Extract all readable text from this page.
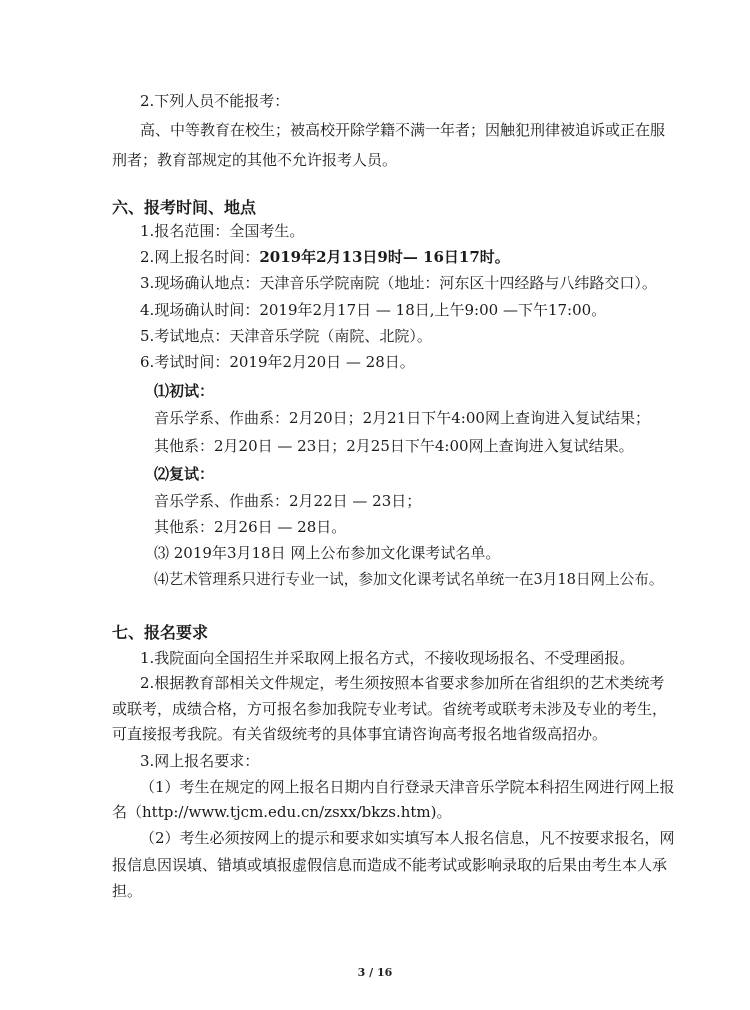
2.下列人员不能报考：
高、中等教育在校生；被高校开除学籍不满一年者；因触犯刑律被追诉或正在服
刑者；教育部规定的其他不允许报考人员。
六、报考时间、地点
1.报名范围：全国考生。
2.网上报名时间：2019年2月13日9时— 16日17时。
3.现场确认地点：天津音乐学院南院（地址：河东区十四经路与八纬路交口）。
4.现场确认时间：2019年2月17日 — 18日,上午9:00 —下午17:00。
5.考试地点：天津音乐学院（南院、北院）。
6.考试时间：2019年2月20日 — 28日。
⑴初试：
音乐学系、作曲系：2月20日；2月21日下午4:00网上查询进入复试结果；
其他系：2月20日 — 23日；2月25日下午4:00网上查询进入复试结果。
⑵复试：
音乐学系、作曲系：2月22日 — 23日；
其他系：2月26日 — 28日。
⑶ 2019年3月18日 网上公布参加文化课考试名单。
⑷艺术管理系只进行专业一试，参加文化课考试名单统一在3月18日网上公布。
七、报名要求
1.我院面向全国招生并采取网上报名方式，不接收现场报名、不受理函报。
2.根据教育部相关文件规定，考生须按照本省要求参加所在省组织的艺术类统考
或联考，成绩合格，方可报名参加我院专业考试。省统考或联考未涉及专业的考生，
可直接报考我院。有关省级统考的具体事宜请咨询高考报名地省级高招办。
3.网上报名要求：
（1）考生在规定的网上报名日期内自行登录天津音乐学院本科招生网进行网上报
名（http://www.tjcm.edu.cn/zsxx/bkzs.htm)。
（2）考生必须按网上的提示和要求如实填写本人报名信息，凡不按要求报名，网
报信息因误填、错填或填报虚假信息而造成不能考试或影响录取的后果由考生本人承
担。
3 / 16
